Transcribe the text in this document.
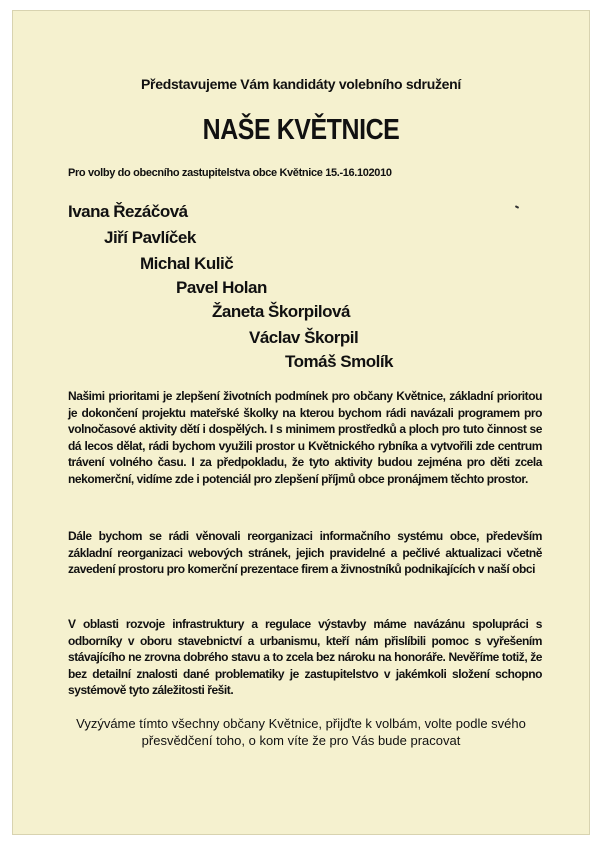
Představujeme Vám kandidáty volebního sdružení
NAŠE KVĚTNICE
Pro volby do obecního zastupitelstva obce Květnice 15.-16.102010
Ivana Řezáčová
Jiří Pavlíček
Michal Kulič
Pavel Holan
Žaneta Škorpilová
Václav Škorpil
Tomáš Smolík
Našimi prioritami je zlepšení životních podmínek pro občany Květnice, základní prioritou je dokončení projektu mateřské školky na kterou bychom rádi navázali programem pro volnočasové aktivity dětí i dospělých. I s minimem prostředků a ploch pro tuto činnost se dá lecos dělat, rádi bychom využili prostor u Květnického rybníka a vytvořili zde centrum trávení volného času. I za předpokladu, že tyto aktivity budou zejména pro děti zcela nekomerční, vidíme zde i potenciál pro zlepšení příjmů obce pronájmem těchto prostor.
Dále bychom se rádi věnovali reorganizaci informačního systému obce, především základní reorganizaci webových stránek, jejich pravidelné a pečlivé aktualizaci včetně zavedení prostoru pro komerční prezentace firem a živnostníků podnikajících v naší obci
V oblasti rozvoje infrastruktury a regulace výstavby máme navázánu spolupráci s odborníky v oboru stavebnictví a urbanismu, kteří nám přislíbili pomoc s vyřešením stávajícího ne zrovna dobrého stavu a to zcela bez nároku na honoráře. Nevěříme totiž, že bez detailní znalosti dané problematiky je zastupitelstvo v jakémkoli složení schopno systémově tyto záležitosti řešit.
Vyzýváme tímto všechny občany Květnice, přijďte k volbám, volte podle svého přesvědčení toho, o kom víte že pro Vás bude pracovat
